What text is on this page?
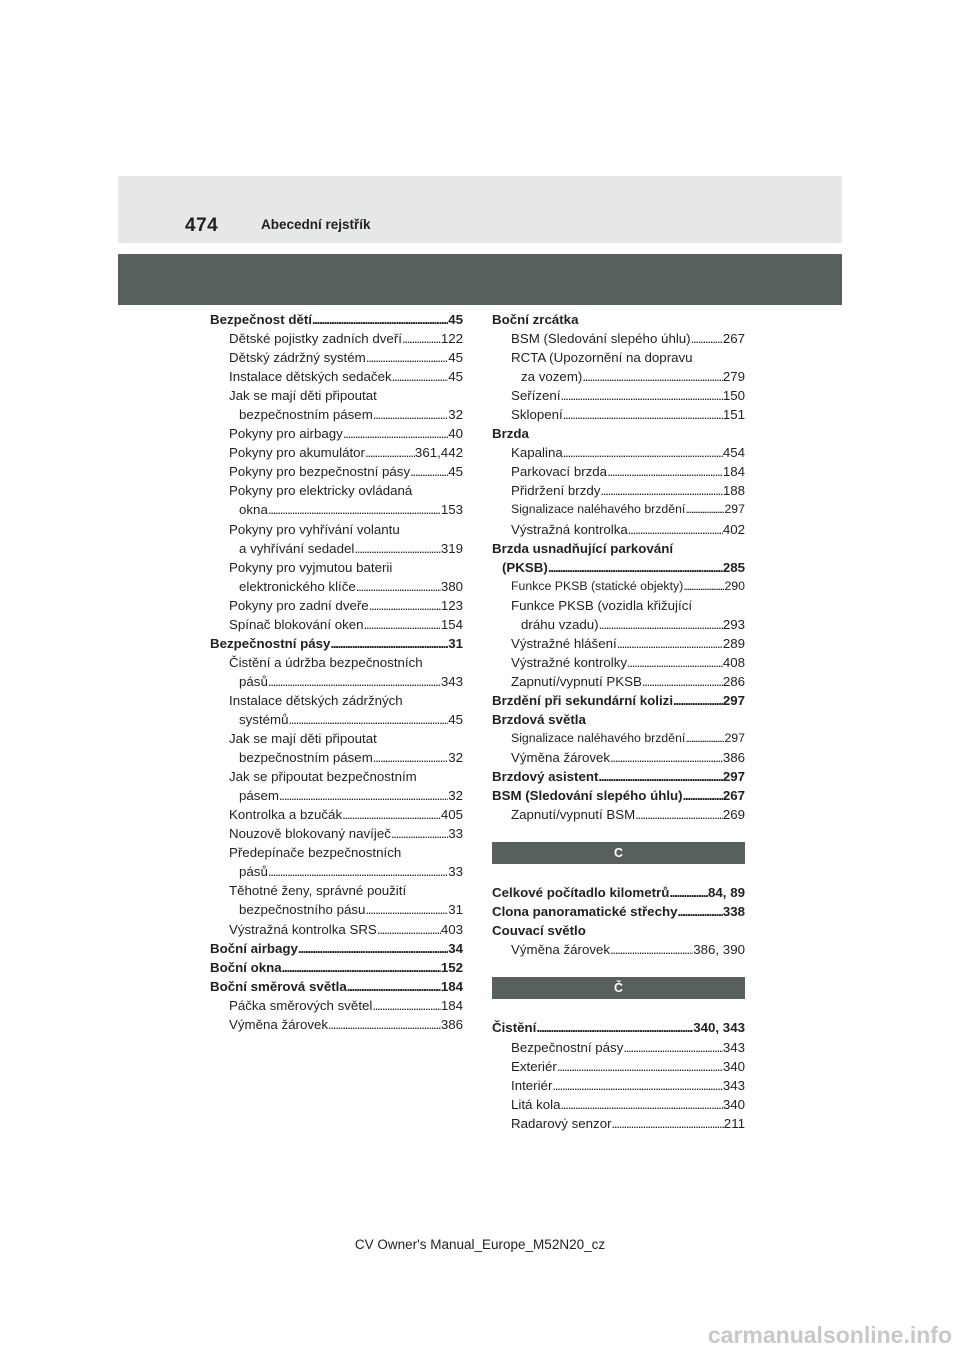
474	Abecední rejstřík
Bezpečnost dětí . . .	45
Dětské pojistky zadních dveří . . .	122
Dětský zádržný systém . . .	45
Instalace dětských sedaček . . .	45
Jak se mají děti připoutat
bezpečnostním pásem . . .	32
Pokyny pro airbagy . . .	40
Pokyny pro akumulátor . . .	361,442
Pokyny pro bezpečnostní pásy . . .	45
Pokyny pro elektricky ovládaná
okna . . .	153
Pokyny pro vyhřívání volantu
a vyhřívání sedadel . . .	319
Pokyny pro vyjmutou baterii
elektronického klíče . . .	380
Pokyny pro zadní dveře . . .	123
Spínač blokování oken . . .	154
Bezpečnostní pásy . . .	31
Čistění a údržba bezpečnostních
pásů . . .	343
Instalace dětských zádržných
systémů . . .	45
Jak se mají děti připoutat
bezpečnostním pásem . . .	32
Jak se připoutat bezpečnostním
pásem . . .	32
Kontrolka a bzučák . . .	405
Nouzově blokovaný navíječ . . .	33
Předepínače bezpečnostních
pásů . . .	33
Těhotné ženy, správné použití
bezpečnostního pásu . . .	31
Výstražná kontrolka SRS . . .	403
Boční airbagy . . .	34
Boční okna . . .	152
Boční směrová světla . . .	184
Páčka směrových světel . . .	184
Výměna žárovek . . .	386
Boční zrcátka
BSM (Sledování slepého úhlu) . . . 267
RCTA (Upozornění na dopravu
za vozem) . . .	279
Seřízení . . .	150
Sklopení . . .	151
Brzda
Kapalina . . .	454
Parkovací brzda . . .	184
Přidržení brzdy . . .	188
Signalizace naléhavého brzdění . . .	297
Výstražná kontrolka . . .	402
Brzda usnadňující parkování
(PKSB) . . .	285
Funkce PKSB (statické objekty) . . .	290
Funkce PKSB (vozidla křižující
dráhu vzadu) . . .	293
Výstražné hlášení . . .	289
Výstražné kontrolky . . .	408
Zapnutí/vypnutí PKSB . . .	286
Brzdění při sekundární kolizi . . .	297
Brzdová světla
Signalizace naléhavého brzdění . . .	297
Výměna žárovek . . .	386
Brzdový asistent . . .	297
BSM (Sledování slepého úhlu) . . .	267
Zapnutí/vypnutí BSM . . .	269
C
Celkové počítadlo kilometrů . . .	84, 89
Clona panoramatické střechy . . .	338
Couvací světlo
Výměna žárovek . . .	386, 390
Č
Čistění . . .	340, 343
Bezpečnostní pásy . . .	343
Exteriér . . .	340
Interiér . . .	343
Litá kola . . .	340
Radarový senzor . . .	211
CV Owner's Manual_Europe_M52N20_cz
carmanualsonline.info
